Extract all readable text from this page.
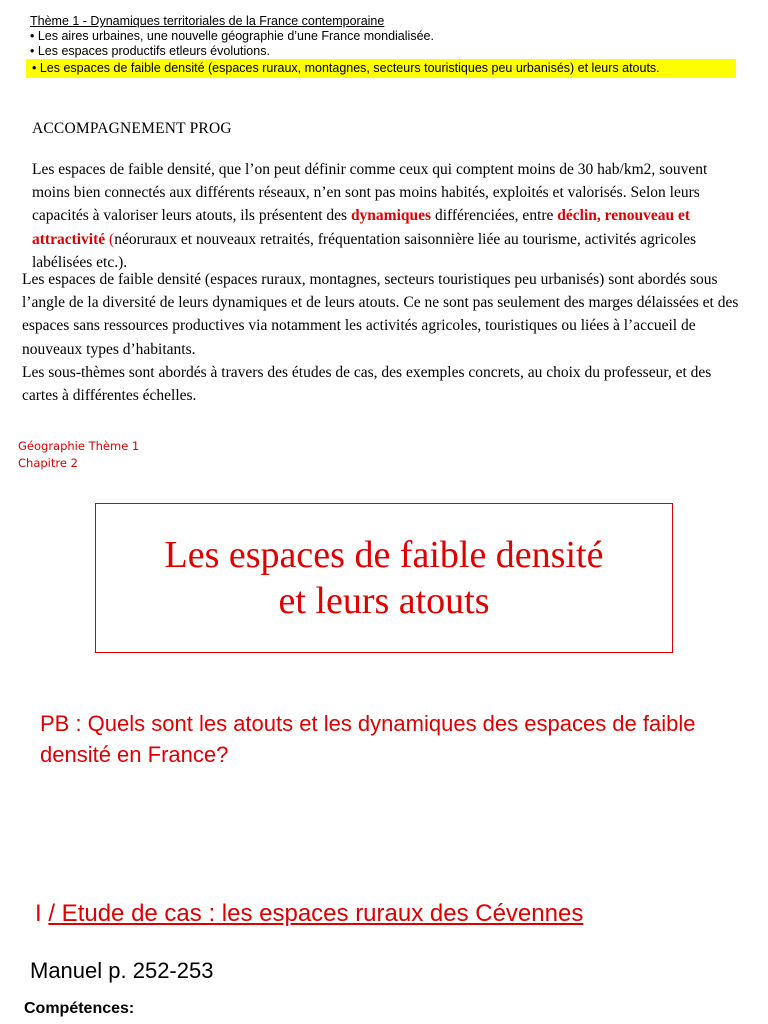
Thème 1 - Dynamiques territoriales de la France contemporaine
• Les aires urbaines, une nouvelle géographie d’une France mondialisée.
• Les espaces productifs etleurs évolutions.
• Les espaces de faible densité (espaces ruraux, montagnes, secteurs touristiques peu urbanisés) et leurs atouts.
ACCOMPAGNEMENT PROG
Les espaces de faible densité, que l’on peut définir comme ceux qui comptent moins de 30 hab/km2, souvent moins bien connectés aux différents réseaux, n’en sont pas moins habités, exploités et valorisés. Selon leurs capacités à valoriser leurs atouts, ils présentent des dynamiques différenciées, entre déclin, renouveau et attractivité (néoruraux et nouveaux retraités, fréquentation saisonnière liée au tourisme, activités agricoles labélisées etc.).
Les espaces de faible densité (espaces ruraux, montagnes, secteurs touristiques peu urbanisés) sont abordés sous l’angle de la diversité de leurs dynamiques et de leurs atouts. Ce ne sont pas seulement des marges délaissées et des espaces sans ressources productives via notamment les activités agricoles, touristiques ou liées à l’accueil de nouveaux types d’habitants.
Les sous-thèmes sont abordés à travers des études de cas, des exemples concrets, au choix du professeur, et des cartes à différentes échelles.
Géographie Thème 1
Chapitre 2
Les espaces de faible densité
et leurs atouts
PB : Quels sont les atouts et les dynamiques des espaces de faible densité en France?
I / Etude de cas : les espaces ruraux des Cévennes
Manuel p. 252-253
Compétences:
